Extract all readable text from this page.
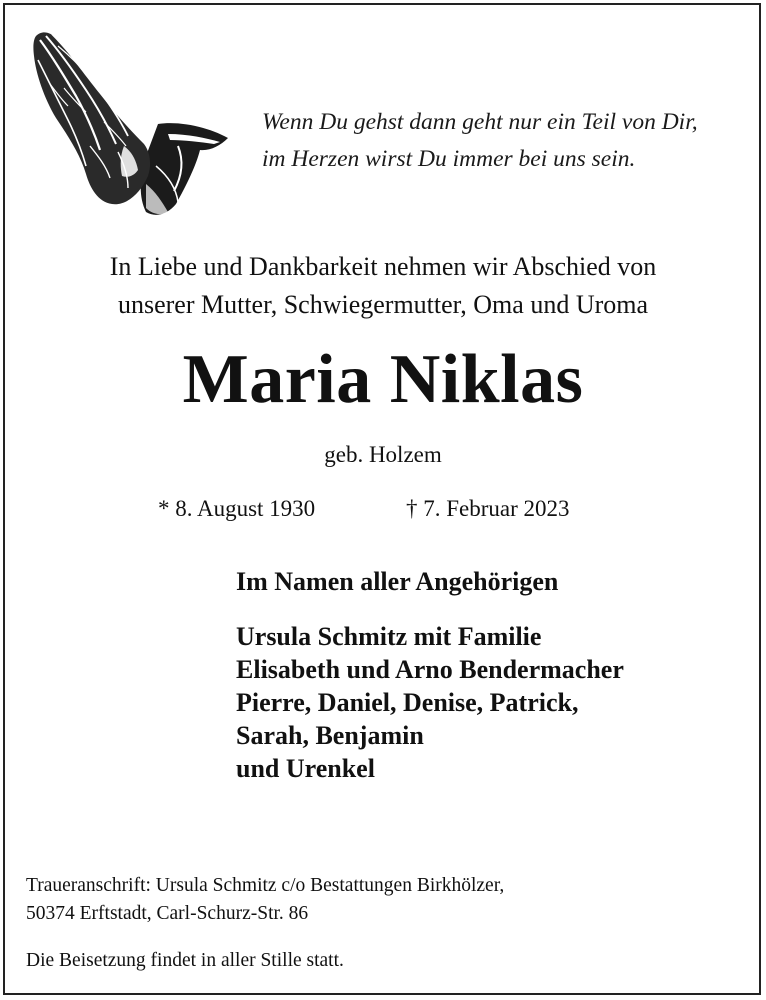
Wenn Du gehst dann geht nur ein Teil von Dir,
im Herzen wirst Du immer bei uns sein.
In Liebe und Dankbarkeit nehmen wir Abschied von
unserer Mutter, Schwiegermutter, Oma und Uroma
Maria Niklas
geb. Holzem
* 8. August 1930	† 7. Februar 2023
Im Namen aller Angehörigen
Ursula Schmitz mit Familie
Elisabeth und Arno Bendermacher
Pierre, Daniel, Denise, Patrick,
Sarah, Benjamin
und Urenkel
Traueranschrift: Ursula Schmitz c/o Bestattungen Birkhölzer,
50374 Erftstadt, Carl-Schurz-Str. 86
Die Beisetzung findet in aller Stille statt.
